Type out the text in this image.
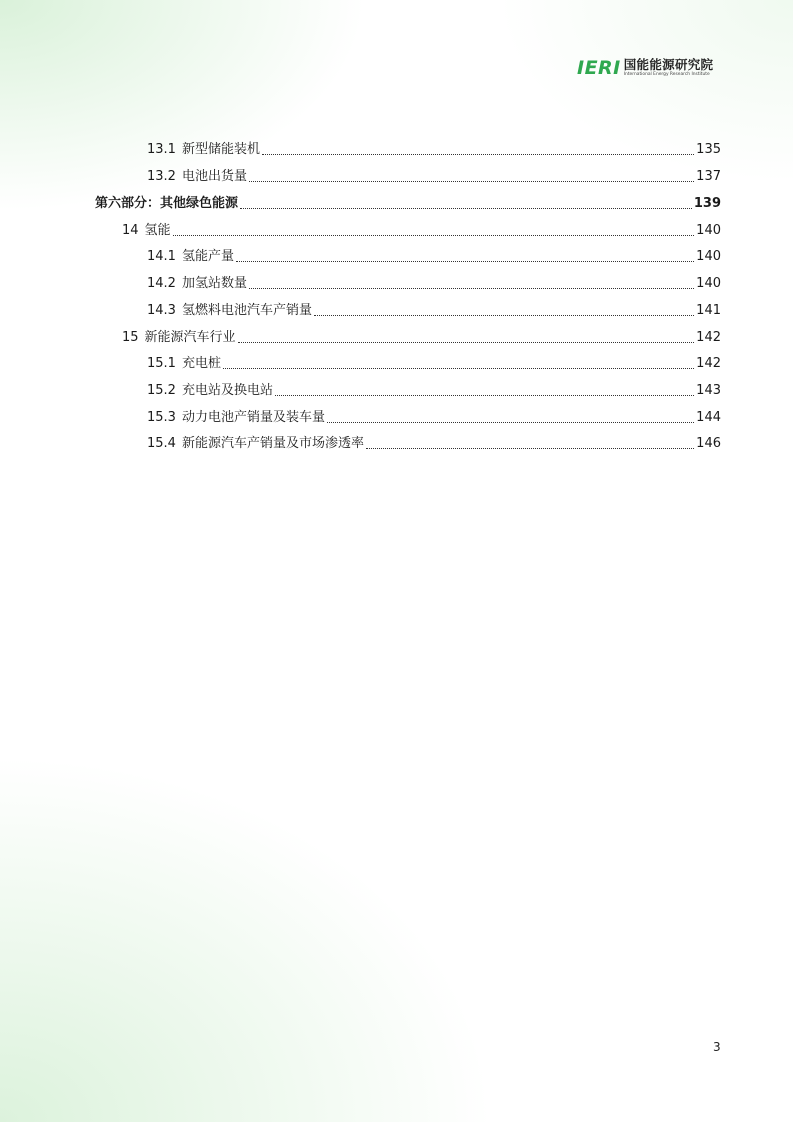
IERI 国能能源研究院
International Energy Research Institute
13.1 新型储能装机	135
13.2 电池出货量	137
第六部分：其他绿色能源	139
14 氢能	140
14.1 氢能产量	140
14.2 加氢站数量	140
14.3 氢燃料电池汽车产销量	141
15 新能源汽车行业	142
15.1 充电桩	142
15.2 充电站及换电站	143
15.3 动力电池产销量及装车量	144
15.4 新能源汽车产销量及市场渗透率	146
3
